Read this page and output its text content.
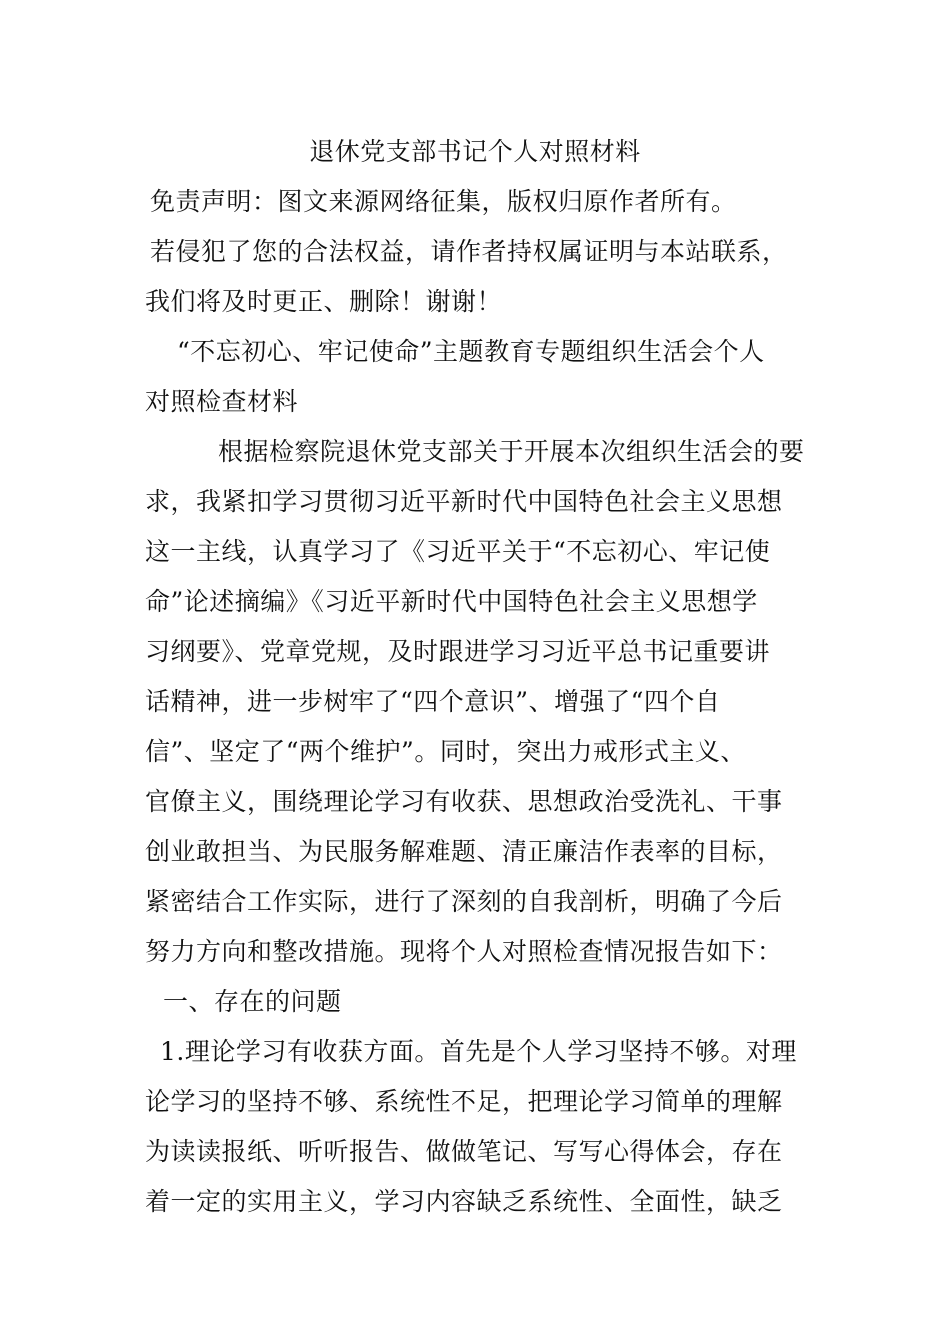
退休党支部书记个人对照材料
免责声明：图文来源网络征集，版权归原作者所有。
若侵犯了您的合法权益，请作者持权属证明与本站联系，
我们将及时更正、删除！谢谢！
“不忘初心、牢记使命”主题教育专题组织生活会个人
对照检查材料
根据检察院退休党支部关于开展本次组织生活会的要
求，我紧扣学习贯彻习近平新时代中国特色社会主义思想
这一主线，认真学习了《习近平关于“不忘初心、牢记使
命”论述摘编》《习近平新时代中国特色社会主义思想学
习纲要》、党章党规，及时跟进学习习近平总书记重要讲
话精神，进一步树牢了“四个意识”、增强了“四个自
信”、坚定了“两个维护”。同时，突出力戒形式主义、
官僚主义，围绕理论学习有收获、思想政治受洗礼、干事
创业敢担当、为民服务解难题、清正廉洁作表率的目标，
紧密结合工作实际，进行了深刻的自我剖析，明确了今后
努力方向和整改措施。现将个人对照检查情况报告如下：
一、存在的问题
1.理论学习有收获方面。首先是个人学习坚持不够。对理
论学习的坚持不够、系统性不足，把理论学习简单的理解
为读读报纸、听听报告、做做笔记、写写心得体会，存在
着一定的实用主义，学习内容缺乏系统性、全面性，缺乏
